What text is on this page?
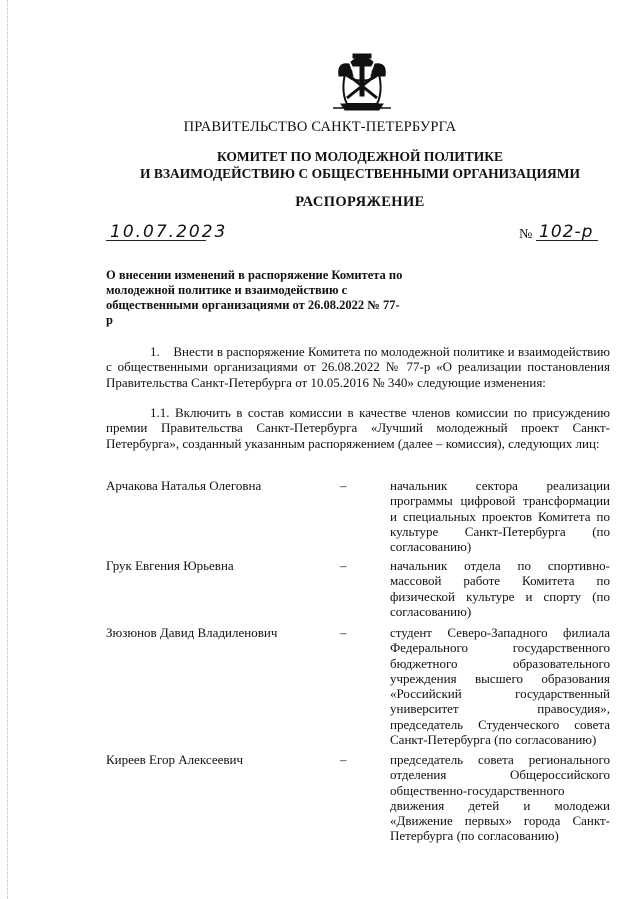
ПРАВИТЕЛЬСТВО САНКТ-ПЕТЕРБУРГА
КОМИТЕТ ПО МОЛОДЕЖНОЙ ПОЛИТИКЕ
И ВЗАИМОДЕЙСТВИЮ С ОБЩЕСТВЕННЫМИ ОРГАНИЗАЦИЯМИ
РАСПОРЯЖЕНИЕ
10.07.2023	№ 102-р
О внесении изменений в распоряжение Комитета по молодежной политике и взаимодействию с общественными организациями от 26.08.2022 № 77-р
1.    Внести в распоряжение Комитета по молодежной политике и взаимодействию с общественными организациями от 26.08.2022 № 77-р «О реализации постановления Правительства Санкт-Петербурга от 10.05.2016 № 340» следующие изменения:
1.1. Включить в состав комиссии в качестве членов комиссии по присуждению премии Правительства Санкт-Петербурга «Лучший молодежный проект Санкт-Петербурга», созданный указанным распоряжением (далее – комиссия), следующих лиц:
Арчакова Наталья Олеговна	–	начальник сектора реализации программы цифровой трансформации и специальных проектов Комитета по культуре Санкт-Петербурга (по согласованию)
Грук Евгения Юрьевна	–	начальник отдела по спортивно-массовой работе Комитета по физической культуре и спорту (по согласованию)
Зюзюнов Давид Владиленович	–	студент Северо-Западного филиала Федерального государственного бюджетного образовательного учреждения высшего образования «Российский государственный университет правосудия», председатель Студенческого совета Санкт-Петербурга (по согласованию)
Киреев Егор Алексеевич	–	председатель совета регионального отделения Общероссийского общественно-государственного движения детей и молодежи «Движение первых» города Санкт-Петербурга (по согласованию)
